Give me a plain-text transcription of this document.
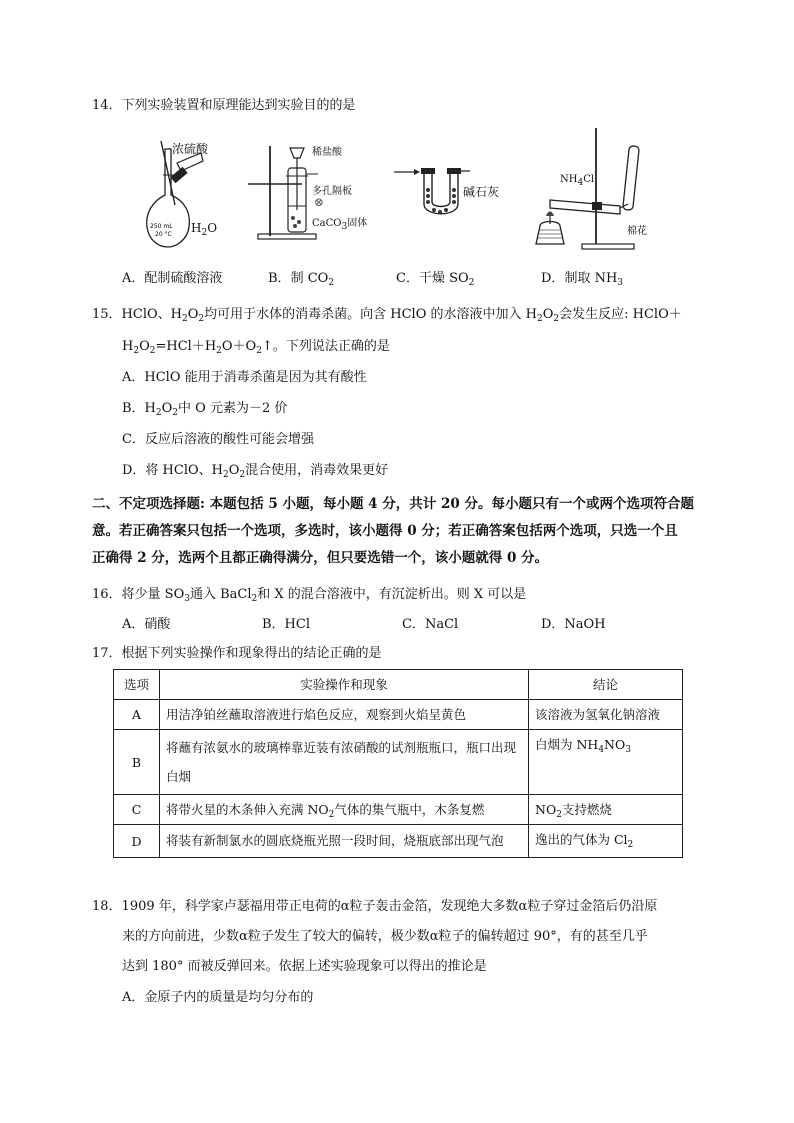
14．下列实验装置和原理能达到实验目的的是
250 mL
20 °C
浓硫酸
$H_2O$
稀盐酸
多孔隔板
⊗
CaCO$_3$固体
碱石灰
$NH_4Cl$
棉花
A．配制硫酸溶液	B．制 $CO_2$	C．干燥 $SO_2$	D．制取 $NH_3$
15．HClO、$H_2O_2$均可用于水体的消毒杀菌。向含 HClO 的水溶液中加入 $H_2O_2$会发生反应: HClO＋
$H_2O_2=HCl+H_2O+O_2↑$。下列说法正确的是
A．HClO 能用于消毒杀菌是因为其有酸性
B．$H_2O_2$中 O 元素为－2 价
C．反应后溶液的酸性可能会增强
D．将 HClO、$H_2O_2$混合使用，消毒效果更好
二、不定项选择题: 本题包括 5 小题，每小题 4 分，共计 20 分。每小题只有一个或两个选项符合题
意。若正确答案只包括一个选项，多选时，该小题得 0 分；若正确答案包括两个选项，只选一个且
正确得 2 分，选两个且都正确得满分，但只要选错一个，该小题就得 0 分。
16．将少量 $SO_3$通入 BaCl$_2$和 X 的混合溶液中，有沉淀析出。则 X 可以是
A．硝酸	B．HCl	C．NaCl	D．NaOH
17．根据下列实验操作和现象得出的结论正确的是
选项	实验操作和现象	结论
A	用洁净铂丝蘸取溶液进行焰色反应，观察到火焰呈黄色	该溶液为氢氧化钠溶液
B	将蘸有浓氨水的玻璃棒靠近装有浓硝酸的试剂瓶瓶口，瓶口出现白烟	白烟为 $NH_4NO_3$
C	将带火星的木条伸入充满 $NO_2$气体的集气瓶中，木条复燃	$NO_2$支持燃烧
D	将装有新制氯水的圆底烧瓶光照一段时间，烧瓶底部出现气泡	逸出的气体为 $Cl_2$
18．1909 年，科学家卢瑟福用带正电荷的α粒子轰击金箔，发现绝大多数α粒子穿过金箔后仍沿原
来的方向前进，少数α粒子发生了较大的偏转，极少数α粒子的偏转超过 90°，有的甚至几乎
达到 180° 而被反弹回来。依据上述实验现象可以得出的推论是
A．金原子内的质量是均匀分布的
